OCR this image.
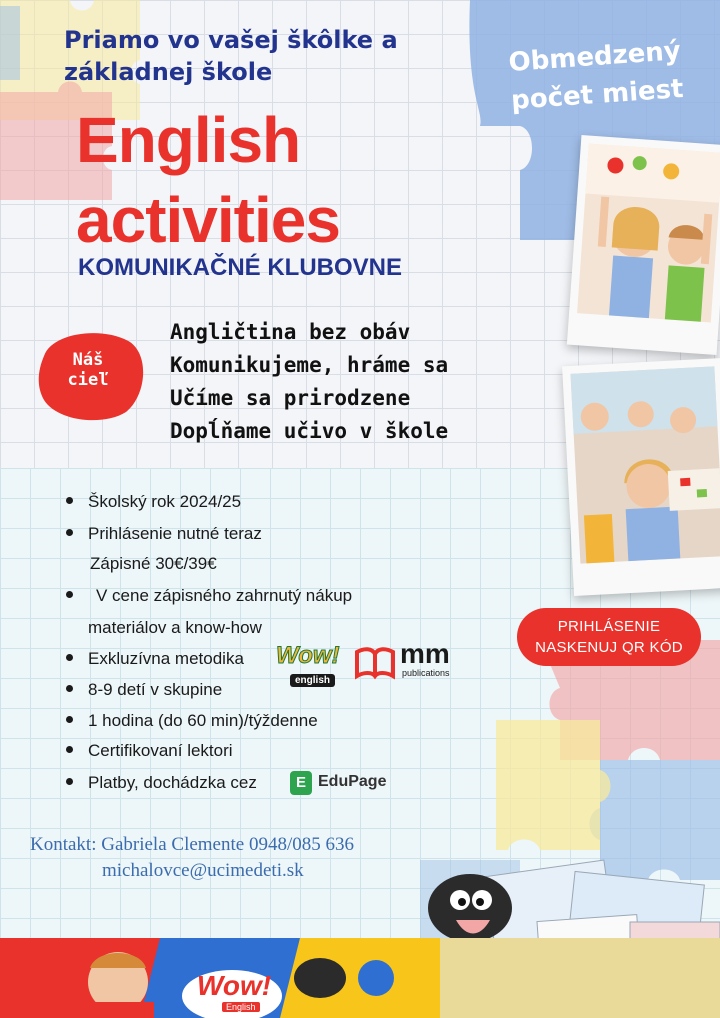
Priamo vo vašej škôlke a
základnej škole
English
activities
KOMUNIKAČNÉ KLUBOVNE
Obmedzený
počet miest
Náš
cieľ
Angličtina bez obáv
Komunikujeme, hráme sa
Učíme sa prirodzene
Dopĺňame učivo v škole
Školský rok 2024/25
Prihlásenie nutné teraz
Zápisné 30€/39€
V cene zápisného zahrnutý nákup
materiálov a know-how
Exkluzívna metodika
8-9 detí v skupine
1 hodina (do 60 min)/týždenne
Certifikovaní lektori
Platby, dochádzka cez
Wow!
english
mm
publications
E EduPage
PRIHLÁSENIE
NASKENUJ QR KÓD
Kontakt: Gabriela Clemente 0948/085 636
michalovce@ucimedeti.sk
Wow!
English
